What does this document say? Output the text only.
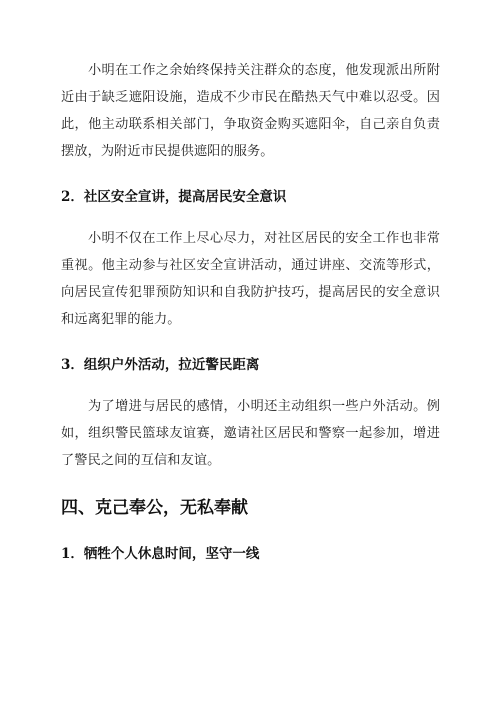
小明在工作之余始终保持关注群众的态度，他发现派出所附近由于缺乏遮阳设施，造成不少市民在酷热天气中难以忍受。因此，他主动联系相关部门，争取资金购买遮阳伞，自己亲自负责摆放，为附近市民提供遮阳的服务。

2．社区安全宣讲，提高居民安全意识

小明不仅在工作上尽心尽力，对社区居民的安全工作也非常重视。他主动参与社区安全宣讲活动，通过讲座、交流等形式，向居民宣传犯罪预防知识和自我防护技巧，提高居民的安全意识和远离犯罪的能力。

3．组织户外活动，拉近警民距离

为了增进与居民的感情，小明还主动组织一些户外活动。例如，组织警民篮球友谊赛，邀请社区居民和警察一起参加，增进了警民之间的互信和友谊。

四、克己奉公，无私奉献
1．牺牲个人休息时间，坚守一线
